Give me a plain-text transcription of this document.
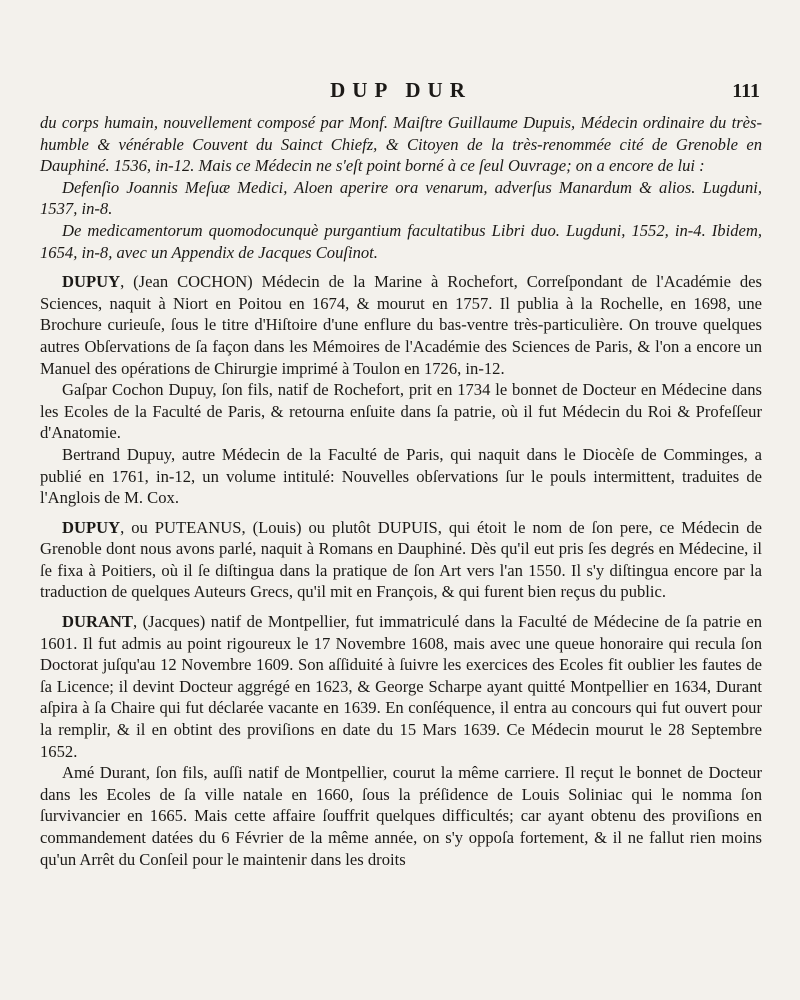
DUP DUR	111

du corps humain, nouvellement composé par Monf. Maiſtre Guillaume Dupuis, Médecin ordinaire du très-humble & vénérable Couvent du Sainct Chiefz, & Citoyen de la très-renommée cité de Grenoble en Dauphiné. 1536, in-12. Mais ce Médecin ne s'eſt point borné à ce ſeul Ouvrage; on a encore de lui :

Defenſio Joannis Meſuæ Medici, Aloen aperire ora venarum, adverſus Manardum & alios. Lugduni, 1537, in-8.

De medicamentorum quomodocunquè purgantium facultatibus Libri duo. Lugduni, 1552, in-4. Ibidem, 1654, in-8, avec un Appendix de Jacques Couſinot.

DUPUY, (Jean COCHON) Médecin de la Marine à Rochefort, Correſpondant de l'Académie des Sciences, naquit à Niort en Poitou en 1674, & mourut en 1757. Il publia à la Rochelle, en 1698, une Brochure curieuſe, ſous le titre d'Hiſtoire d'une enflure du bas-ventre très-particulière. On trouve quelques autres Obſervations de ſa façon dans les Mémoires de l'Académie des Sciences de Paris, & l'on a encore un Manuel des opérations de Chirurgie imprimé à Toulon en 1726, in-12.

Gaſpar Cochon Dupuy, ſon fils, natif de Rochefort, prit en 1734 le bonnet de Docteur en Médecine dans les Ecoles de la Faculté de Paris, & retourna enſuite dans ſa patrie, où il fut Médecin du Roi & Profeſſeur d'Anatomie.

Bertrand Dupuy, autre Médecin de la Faculté de Paris, qui naquit dans le Diocèſe de Comminges, a publié en 1761, in-12, un volume intitulé: Nouvelles obſervations ſur le pouls intermittent, traduites de l'Anglois de M. Cox.

DUPUY, ou PUTEANUS, (Louis) ou plutôt DUPUIS, qui étoit le nom de ſon pere, ce Médecin de Grenoble dont nous avons parlé, naquit à Romans en Dauphiné. Dès qu'il eut pris ſes degrés en Médecine, il ſe fixa à Poitiers, où il ſe diſtingua dans la pratique de ſon Art vers l'an 1550. Il s'y diſtingua encore par la traduction de quelques Auteurs Grecs, qu'il mit en François, & qui furent bien reçus du public.

DURANT, (Jacques) natif de Montpellier, fut immatriculé dans la Faculté de Médecine de ſa patrie en 1601. Il fut admis au point rigoureux le 17 Novembre 1608, mais avec une queue honoraire qui recula ſon Doctorat juſqu'au 12 Novembre 1609. Son aſſiduité à ſuivre les exercices des Ecoles fit oublier les fautes de ſa Licence; il devint Docteur aggrégé en 1623, & George Scharpe ayant quitté Montpellier en 1634, Durant aſpira à ſa Chaire qui fut déclarée vacante en 1639. En conſéquence, il entra au concours qui fut ouvert pour la remplir, & il en obtint des proviſions en date du 15 Mars 1639. Ce Médecin mourut le 28 Septembre 1652.

Amé Durant, ſon fils, auſſi natif de Montpellier, courut la même carriere. Il reçut le bonnet de Docteur dans les Ecoles de ſa ville natale en 1660, ſous la préſidence de Louis Soliniac qui le nomma ſon ſurvivancier en 1665. Mais cette affaire ſouffrit quelques difficultés; car ayant obtenu des proviſions en commandement datées du 6 Février de la même année, on s'y oppoſa fortement, & il ne fallut rien moins qu'un Arrêt du Conſeil pour le maintenir dans les droits
